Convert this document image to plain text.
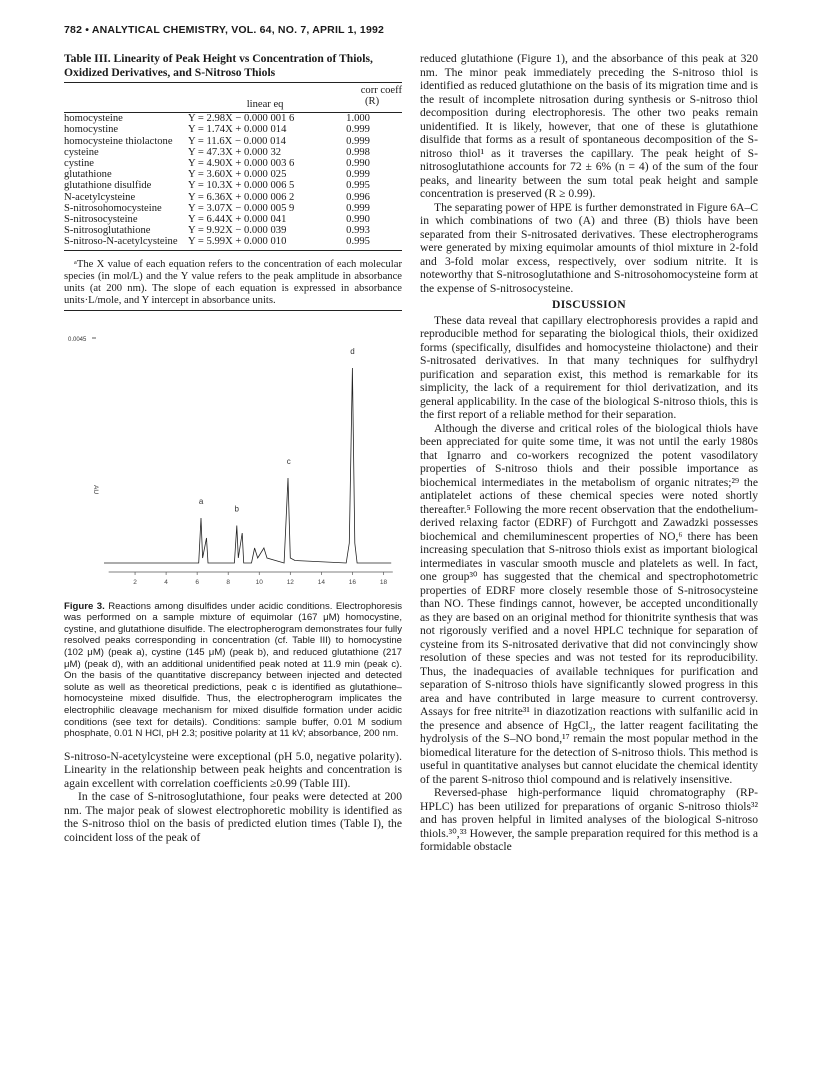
782 • ANALYTICAL CHEMISTRY, VOL. 64, NO. 7, APRIL 1, 1992
Table III. Linearity of Peak Height vs Concentration of Thiols, Oxidized Derivatives, and S-Nitroso Thiols
	linear eq	corr coeff
(R)

homocysteine	Y = 2.98X − 0.000 001 6	1.000
homocystine	Y = 1.74X + 0.000 014	0.999
homocysteine thiolactone	Y = 11.6X − 0.000 014	0.999
cysteine	Y = 47.3X + 0.000 32	0.998
cystine	Y = 4.90X + 0.000 003 6	0.990
glutathione	Y = 3.60X + 0.000 025	0.999
glutathione disulfide	Y = 10.3X + 0.000 006 5	0.995
N-acetylcysteine	Y = 6.36X + 0.000 006 2	0.996
S-nitrosohomocysteine	Y = 3.07X − 0.000 005 9	0.999
S-nitrosocysteine	Y = 6.44X + 0.000 041	0.990
S-nitrosoglutathione	Y = 9.92X − 0.000 039	0.993
S-nitroso-N-acetylcysteine	Y = 5.99X + 0.000 010	0.995

ᵃThe X value of each equation refers to the concentration of each molecular species (in mol/L) and the Y value refers to the peak amplitude in absorbance units (at 200 nm). The slope of each equation is expressed in absorbance units·L/mole, and Y intercept in absorbance units.
0.0045
AU
2	4	6	8	10	12	14	16	18
a
b
c
d
Figure 3. Reactions among disulfides under acidic conditions. Electrophoresis was performed on a sample mixture of equimolar (167 μM) homocystine, cystine, and glutathione disulfide. The electropherogram demonstrates four fully resolved peaks corresponding in concentration (cf. Table III) to homocystine (102 μM) (peak a), cystine (145 μM) (peak b), and reduced glutathione (217 μM) (peak d), with an additional unidentified peak noted at 11.9 min (peak c). On the basis of the quantitative discrepancy between injected and detected solute as well as theoretical predictions, peak c is identified as glutathione–homocysteine mixed disulfide. Thus, the electropherogram implicates the electrophilic cleavage mechanism for mixed disulfide formation under acidic conditions (see text for details). Conditions: sample buffer, 0.01 M sodium phosphate, 0.01 N HCl, pH 2.3; positive polarity at 11 kV; absorbance, 200 nm.

S-nitroso-N-acetylcysteine were exceptional (pH 5.0, negative polarity). Linearity in the relationship between peak heights and concentration is again excellent with correlation coefficients ≥0.99 (Table III).

In the case of S-nitrosoglutathione, four peaks were detected at 200 nm. The major peak of slowest electrophoretic mobility is identified as the S-nitroso thiol on the basis of predicted elution times (Table I), the coincident loss of the peak of

reduced glutathione (Figure 1), and the absorbance of this peak at 320 nm. The minor peak immediately preceding the S-nitroso thiol is identified as reduced glutathione on the basis of its migration time and is the result of incomplete nitrosation during synthesis or S-nitroso thiol decomposition during electrophoresis. The other two peaks remain unidentified. It is likely, however, that one of these is glutathione disulfide that forms as a result of spontaneous decomposition of the S-nitroso thiol¹ as it traverses the capillary. The peak height of S-nitrosoglutathione accounts for 72 ± 6% (n = 4) of the sum of the four peaks, and linearity between the sum total peak height and sample concentration is preserved (R ≥ 0.99).

The separating power of HPE is further demonstrated in Figure 6A–C in which combinations of two (A) and three (B) thiols have been separated from their S-nitrosated derivatives. These electropherograms were generated by mixing equimolar amounts of thiol mixture in 2-fold and 3-fold molar excess, respectively, over sodium nitrite. It is noteworthy that S-nitrosoglutathione and S-nitrosohomocysteine form at the expense of S-nitrosocysteine.

DISCUSSION

These data reveal that capillary electrophoresis provides a rapid and reproducible method for separating the biological thiols, their oxidized forms (specifically, disulfides and homocysteine thiolactone) and their S-nitrosated derivatives. In that many techniques for sulfhydryl purification and separation exist, this method is remarkable for its simplicity, the lack of a requirement for thiol derivatization, and its general applicability. In the case of the biological S-nitroso thiols, this is the first report of a reliable method for their separation.

Although the diverse and critical roles of the biological thiols have been appreciated for quite some time, it was not until the early 1980s that Ignarro and co-workers recognized the potent vasodilatory properties of S-nitroso thiols and their possible importance as biochemical intermediates in the metabolism of organic nitrates;²⁹ the antiplatelet actions of these chemical species were noted shortly thereafter.⁵ Following the more recent observation that the endothelium-derived relaxing factor (EDRF) of Furchgott and Zawadzki possesses biochemical and chemiluminescent properties of NO,⁶ there has been increasing speculation that S-nitroso thiols exist as important biological intermediates in vascular smooth muscle and platelets as well. In fact, one group³⁰ has suggested that the chemical and spectrophotometric properties of EDRF more closely resemble those of S-nitrosocysteine than NO. These findings cannot, however, be accepted unconditionally as they are based on an original method for thionitrite synthesis that was not rigorously verified and a novel HPLC technique for separation of cysteine from its S-nitrosated derivative that did not convincingly show resolution of these species and was not tested for its reproducibility. Thus, the inadequacies of available techniques for purification and separation of S-nitroso thiols have significantly slowed progress in this area and have contributed in large measure to current controversy. Assays for free nitrite³¹ in diazotization reactions with sulfanilic acid in the presence and absence of HgCl₂, the latter reagent facilitating the hydrolysis of the S–NO bond,¹⁷ remain the most popular method in the biomedical literature for the detection of S-nitroso thiols. This method is useful in quantitative analyses but cannot elucidate the chemical identity of the parent S-nitroso thiol compound and is relatively insensitive.

Reversed-phase high-performance liquid chromatography (RP-HPLC) has been utilized for preparations of organic S-nitroso thiols³² and has proven helpful in limited analyses of the biological S-nitroso thiols.³⁰,³³ However, the sample preparation required for this method is a formidable obstacle
